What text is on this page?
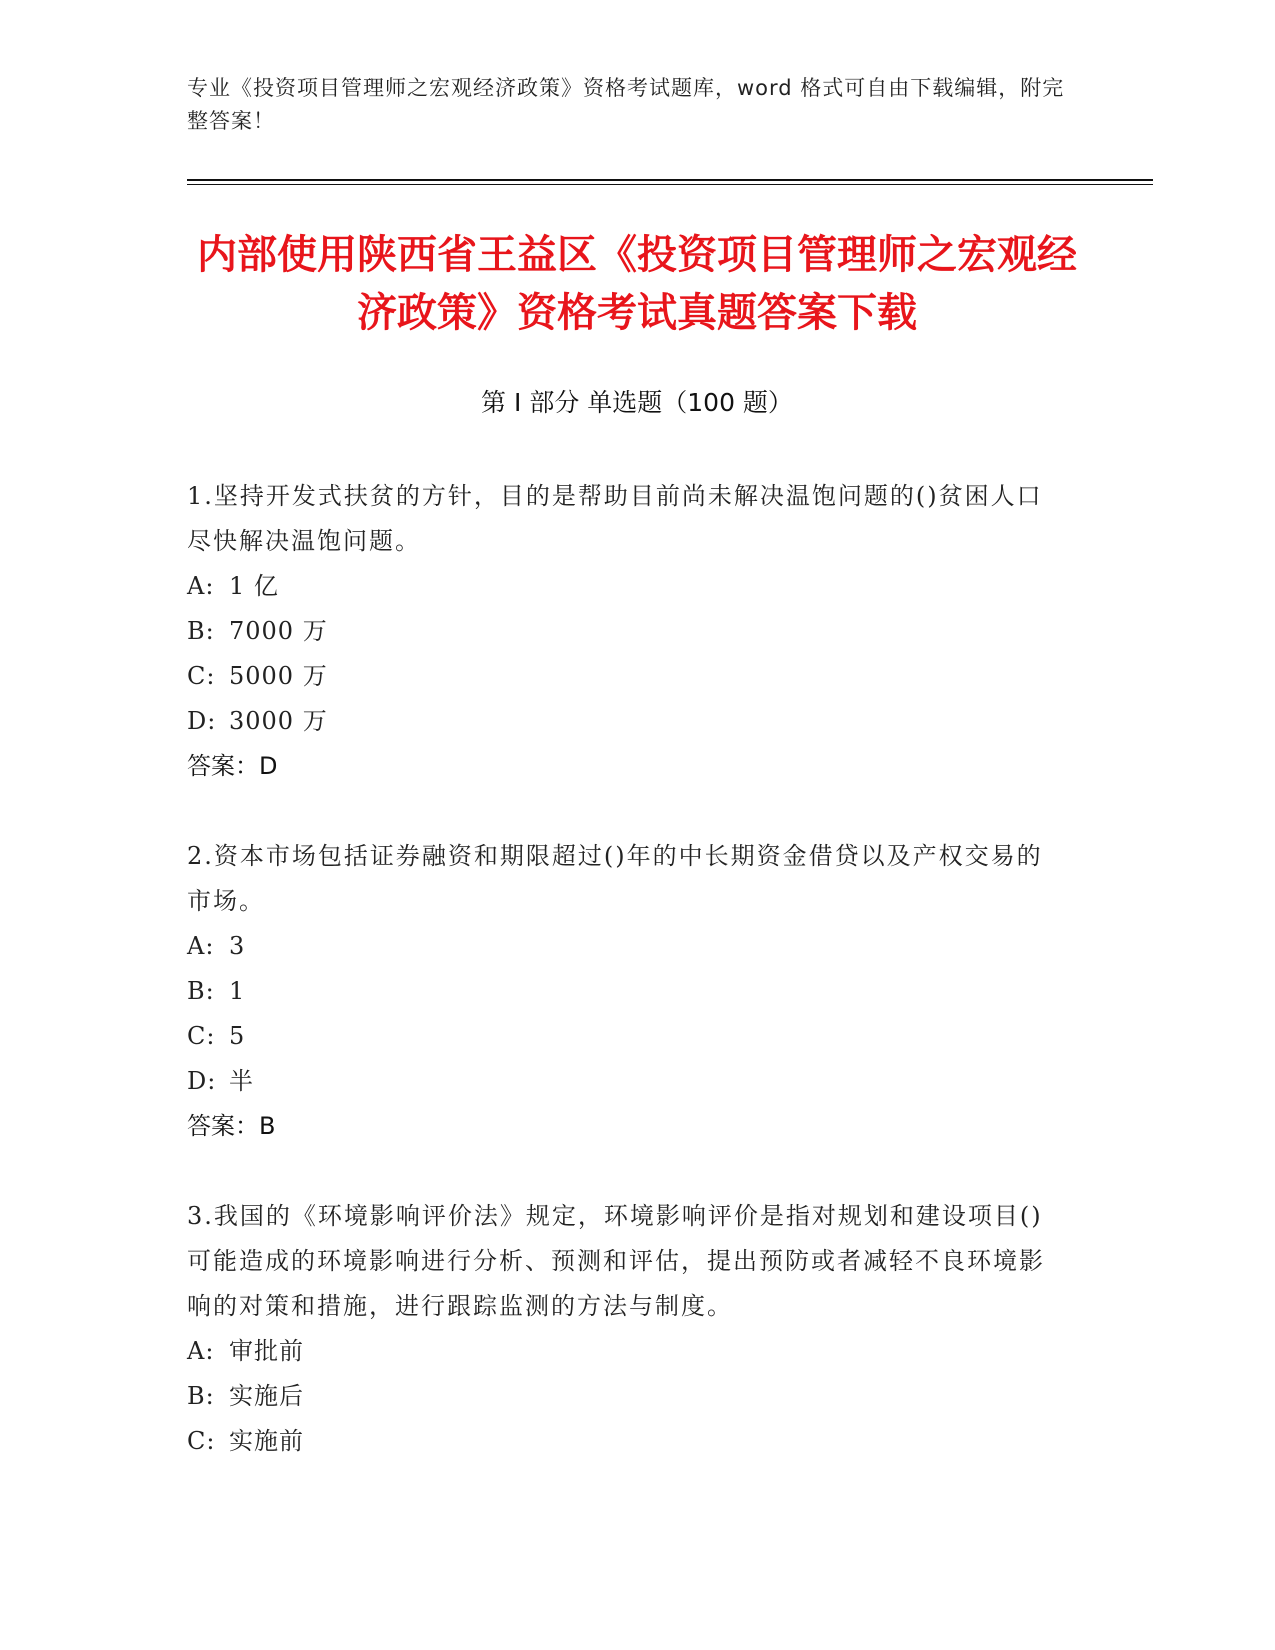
专业《投资项目管理师之宏观经济政策》资格考试题库，word 格式可自由下载编辑，附完整答案！
内部使用陕西省王益区《投资项目管理师之宏观经济政策》资格考试真题答案下载
第 I 部分 单选题（100 题）

1.坚持开发式扶贫的方针，目的是帮助目前尚未解决温饱问题的()贫困人口尽快解决温饱问题。

A: 1 亿

B: 7000 万

C: 5000 万

D: 3000 万

答案：D

2.资本市场包括证券融资和期限超过()年的中长期资金借贷以及产权交易的市场。

A: 3

B: 1

C: 5

D: 半

答案：B

3.我国的《环境影响评价法》规定，环境影响评价是指对规划和建设项目()可能造成的环境影响进行分析、预测和评估，提出预防或者减轻不良环境影响的对策和措施，进行跟踪监测的方法与制度。

A: 审批前

B: 实施后

C: 实施前
